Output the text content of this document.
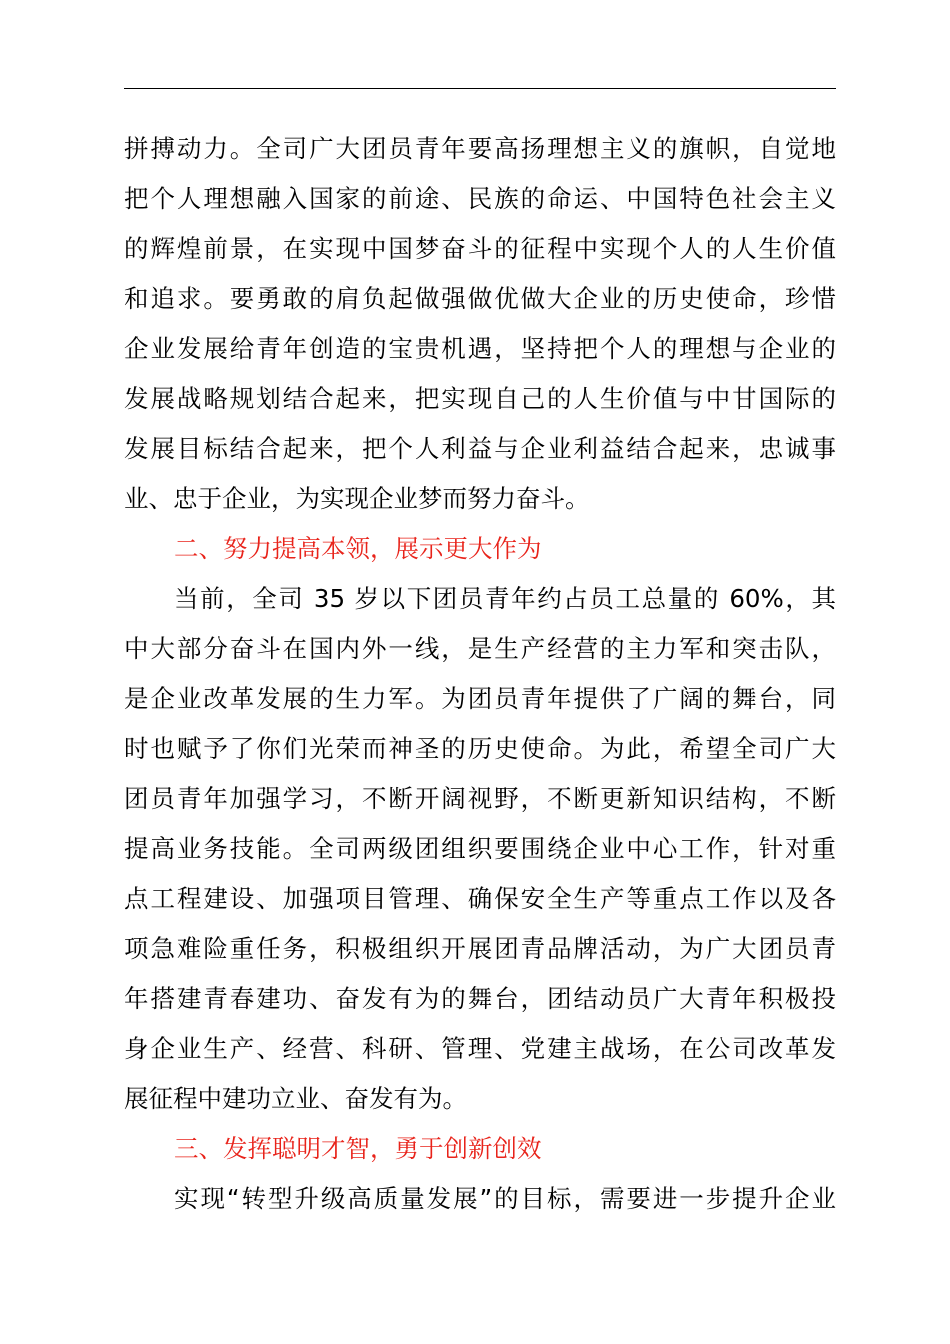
拼搏动力。全司广大团员青年要高扬理想主义的旗帜，自觉地
把个人理想融入国家的前途、民族的命运、中国特色社会主义
的辉煌前景，在实现中国梦奋斗的征程中实现个人的人生价值
和追求。要勇敢的肩负起做强做优做大企业的历史使命，珍惜
企业发展给青年创造的宝贵机遇，坚持把个人的理想与企业的
发展战略规划结合起来，把实现自己的人生价值与中甘国际的
发展目标结合起来，把个人利益与企业利益结合起来，忠诚事
业、忠于企业，为实现企业梦而努力奋斗。
二、努力提高本领，展示更大作为
当前，全司 35 岁以下团员青年约占员工总量的 60%，其
中大部分奋斗在国内外一线，是生产经营的主力军和突击队，
是企业改革发展的生力军。为团员青年提供了广阔的舞台，同
时也赋予了你们光荣而神圣的历史使命。为此，希望全司广大
团员青年加强学习，不断开阔视野，不断更新知识结构，不断
提高业务技能。全司两级团组织要围绕企业中心工作，针对重
点工程建设、加强项目管理、确保安全生产等重点工作以及各
项急难险重任务，积极组织开展团青品牌活动，为广大团员青
年搭建青春建功、奋发有为的舞台，团结动员广大青年积极投
身企业生产、经营、科研、管理、党建主战场，在公司改革发
展征程中建功立业、奋发有为。
三、发挥聪明才智，勇于创新创效
实现“转型升级高质量发展”的目标，需要进一步提升企业
